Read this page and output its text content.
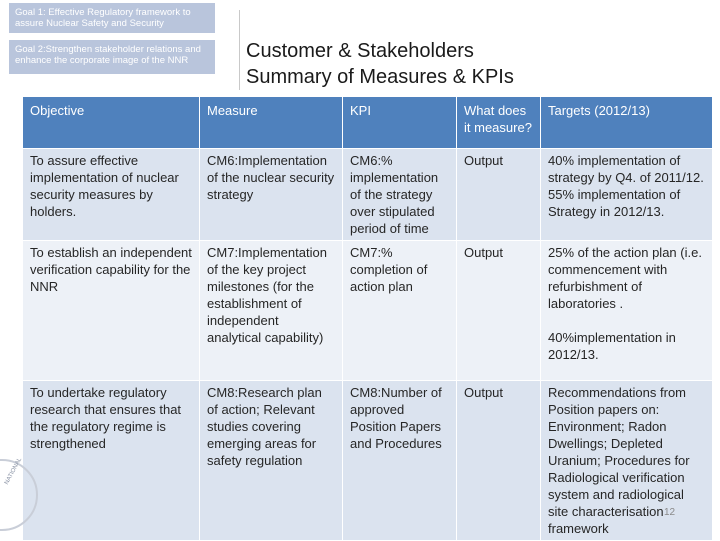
Goal 1: Effective Regulatory framework to assure Nuclear Safety and Security
Goal 2:Strengthen stakeholder relations and enhance the corporate image of the NNR	Customer & Stakeholders
Summary of Measures & KPIs
Objective	Measure	KPI	What does it measure?	Targets (2012/13)
To assure effective implementation of nuclear security measures by holders.	CM6:Implementation of the nuclear security strategy	CM6:% implementation of the strategy over stipulated period of time	Output	40% implementation of strategy by Q4. of 2011/12. 55% implementation of Strategy in 2012/13.

To establish an independent verification capability for the NNR	CM7:Implementation of the key project milestones (for the establishment of independent analytical capability)	CM7:% completion of action plan	Output	25% of the action plan (i.e. commencement with refurbishment of laboratories .
40%implementation in 2012/13.

To undertake regulatory research that ensures that the regulatory regime is strengthened	CM8:Research plan of action; Relevant studies covering emerging areas for safety regulation	CM8:Number of approved Position Papers and Procedures	Output	Recommendations from Position papers on: Environment; Radon Dwellings; Depleted Uranium; Procedures for Radiological verification system and radiological site characterisation framework
NATIONAL
12
